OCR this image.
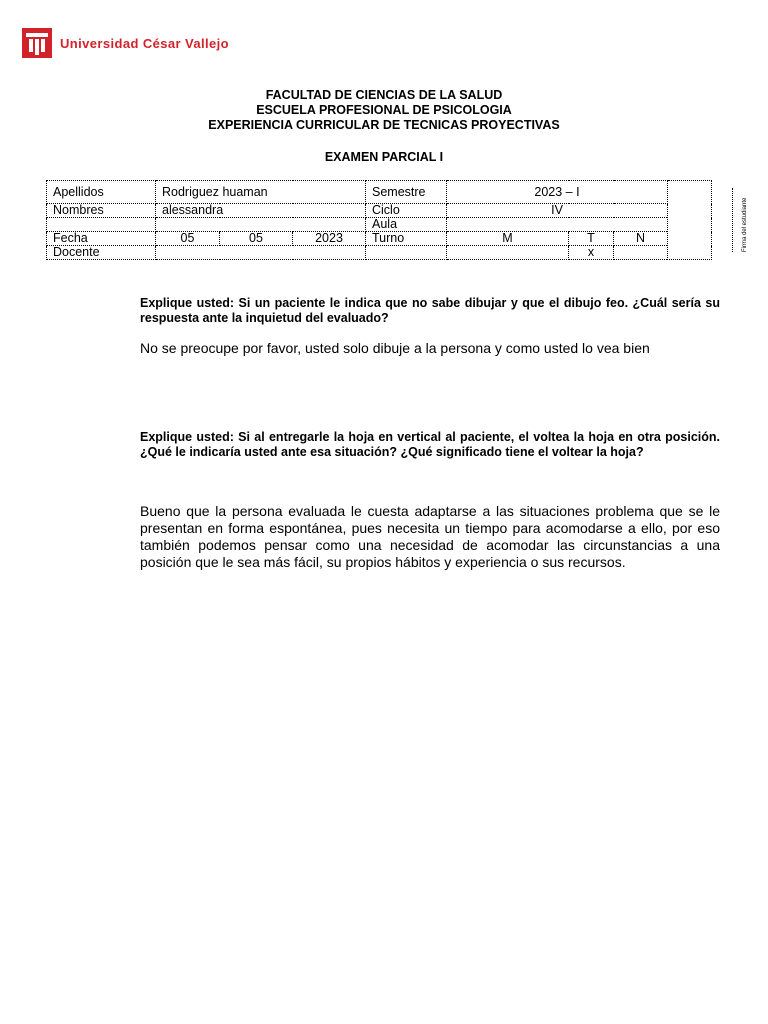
Universidad César Vallejo
FACULTAD DE CIENCIAS DE LA SALUD
ESCUELA PROFESIONAL DE PSICOLOGIA
EXPERIENCIA CURRICULAR DE TECNICAS PROYECTIVAS
EXAMEN PARCIAL I
Apellidos	Rodriguez huaman			Semestre	2023 – I			
Nombres	alessandra			Ciclo	IV			
				Aula				
Fecha	05	05	2023	Turno	M	T	N	
Docente						x			Firma del estudiante
Explique usted: Si un paciente le indica que no sabe dibujar y que el dibujo feo. ¿Cuál sería su respuesta ante la inquietud del evaluado?
No se preocupe por favor, usted solo dibuje a la persona y como usted lo vea bien
Explique usted: Si al entregarle la hoja en vertical al paciente, el voltea la hoja en otra posición. ¿Qué le indicaría usted ante esa situación? ¿Qué significado tiene el voltear la hoja?
Bueno que la persona evaluada le cuesta adaptarse a las situaciones problema que se le presentan en forma espontánea, pues necesita un tiempo para acomodarse a ello, por eso también podemos pensar como una necesidad de acomodar las circunstancias a una posición que le sea más fácil, su propios hábitos y experiencia o sus recursos.
